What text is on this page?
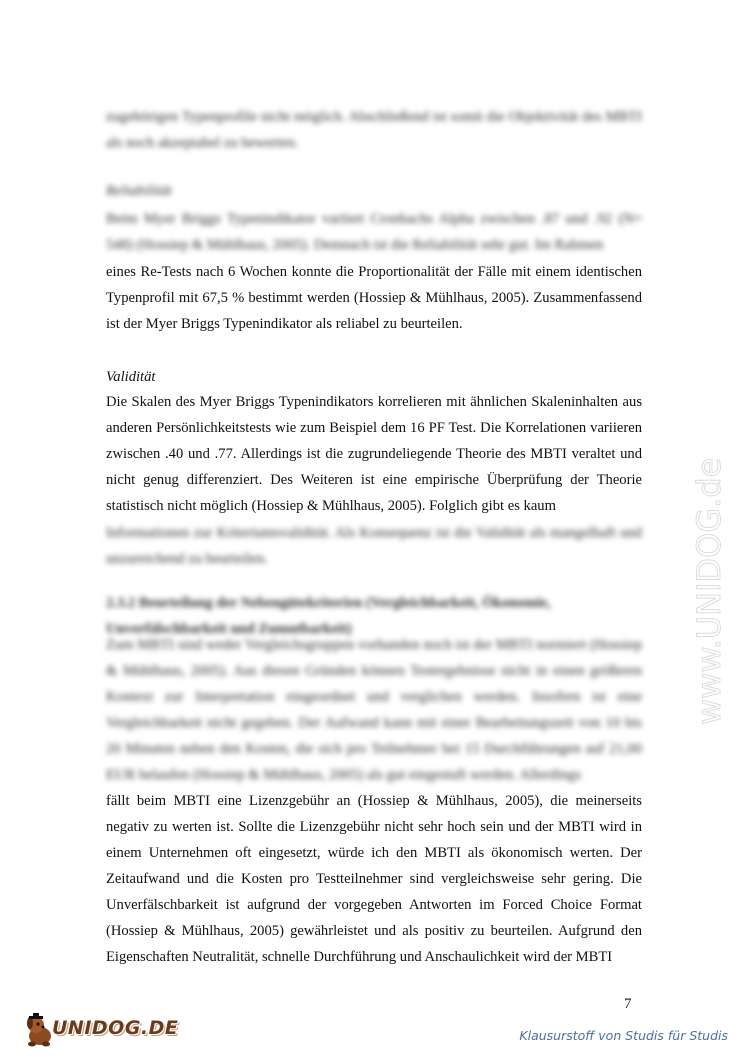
zugehörigen Typenprofile nicht möglich. Abschließend ist somit die Objektivität des MBTI als noch akzeptabel zu bewerten.

Reliabilität

Beim Myer Briggs Typenindikator variiert Cronbachs Alpha zwischen .87 und .92 (N= 548) (Hossiep & Mühlhaus, 2005). Demnach ist die Reliabilität sehr gut. Im Rahmen

eines Re-Tests nach 6 Wochen konnte die Proportionalität der Fälle mit einem identischen Typenprofil mit 67,5 % bestimmt werden (Hossiep & Mühlhaus, 2005). Zusammenfassend ist der Myer Briggs Typenindikator als reliabel zu beurteilen.

Validität

Die Skalen des Myer Briggs Typenindikators korrelieren mit ähnlichen Skaleninhalten aus anderen Persönlichkeitstests wie zum Beispiel dem 16 PF Test. Die Korrelationen variieren zwischen .40 und .77. Allerdings ist die zugrundeliegende Theorie des MBTI veraltet und nicht genug differenziert. Des Weiteren ist eine empirische Überprüfung der Theorie statistisch nicht möglich (Hossiep & Mühlhaus, 2005). Folglich gibt es kaum

Informationen zur Kriteriumsvalidität. Als Konsequenz ist die Validität als mangelhaft und unzureichend zu beurteilen.

2.3.2 Beurteilung der Nebengütekriterien (Vergleichbarkeit, Ökonomie, Unverfälschbarkeit und Zumutbarkeit)

Zum MBTI sind weder Vergleichsgruppen vorhanden noch ist der MBTI normiert (Hossiep & Mühlhaus, 2005). Aus diesen Gründen können Testergebnisse nicht in einen größeren Kontext zur Interpretation eingeordnet und verglichen werden. Insofern ist eine Vergleichbarkeit nicht gegeben. Der Aufwand kann mit einer Bearbeitungszeit von 10 bis 20 Minuten neben den Kosten, die sich pro Teilnehmer bei 15 Durchführungen auf 21,00 EUR belaufen (Hossiep & Mühlhaus, 2005) als gut eingestuft werden. Allerdings

fällt beim MBTI eine Lizenzgebühr an (Hossiep & Mühlhaus, 2005), die meinerseits negativ zu werten ist. Sollte die Lizenzgebühr nicht sehr hoch sein und der MBTI wird in einem Unternehmen oft eingesetzt, würde ich den MBTI als ökonomisch werten. Der Zeitaufwand und die Kosten pro Testteilnehmer sind vergleichsweise sehr gering. Die Unverfälschbarkeit ist aufgrund der vorgegeben Antworten im Forced Choice Format (Hossiep & Mühlhaus, 2005) gewährleistet und als positiv zu beurteilen. Aufgrund den Eigenschaften Neutralität, schnelle Durchführung und Anschaulichkeit wird der MBTI

7
www.UNIDOG.de
UNIDOG.DE	Klausurstoff von Studis für Studis
